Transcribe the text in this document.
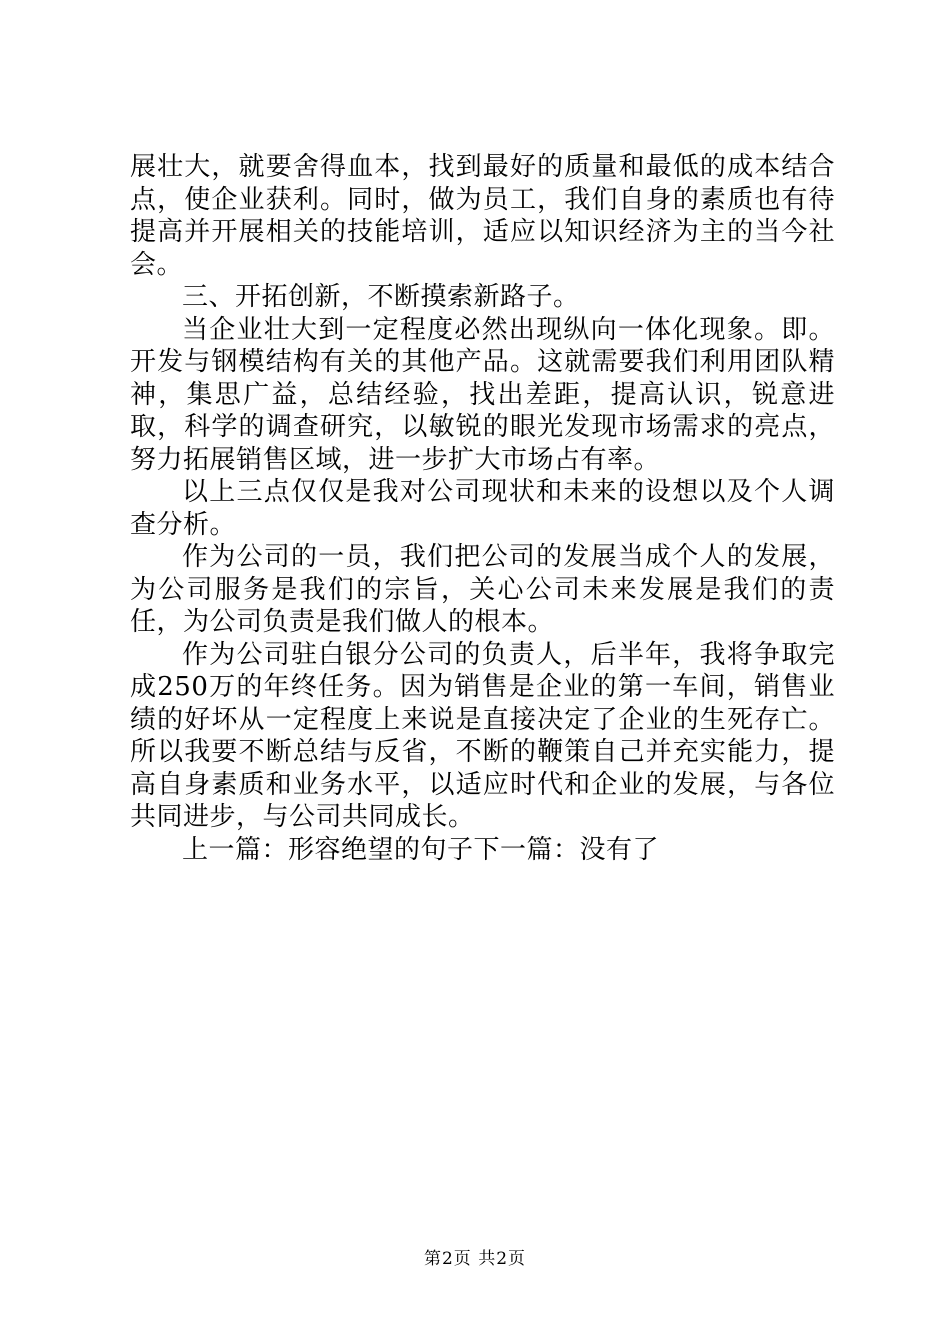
展壮大，就要舍得血本，找到最好的质量和最低的成本结合点，使企业获利。同时，做为员工，我们自身的素质也有待提高并开展相关的技能培训，适应以知识经济为主的当今社会。

三、开拓创新，不断摸索新路子。

当企业壮大到一定程度必然出现纵向一体化现象。即。开发与钢模结构有关的其他产品。这就需要我们利用团队精神，集思广益，总结经验，找出差距，提高认识，锐意进取，科学的调查研究，以敏锐的眼光发现市场需求的亮点，努力拓展销售区域，进一步扩大市场占有率。

以上三点仅仅是我对公司现状和未来的设想以及个人调查分析。

作为公司的一员，我们把公司的发展当成个人的发展，为公司服务是我们的宗旨，关心公司未来发展是我们的责任，为公司负责是我们做人的根本。

作为公司驻白银分公司的负责人，后半年，我将争取完成250万的年终任务。因为销售是企业的第一车间，销售业绩的好坏从一定程度上来说是直接决定了企业的生死存亡。所以我要不断总结与反省，不断的鞭策自己并充实能力，提高自身素质和业务水平，以适应时代和企业的发展，与各位共同进步，与公司共同成长。

上一篇：形容绝望的句子下一篇：没有了

第2页 共2页
